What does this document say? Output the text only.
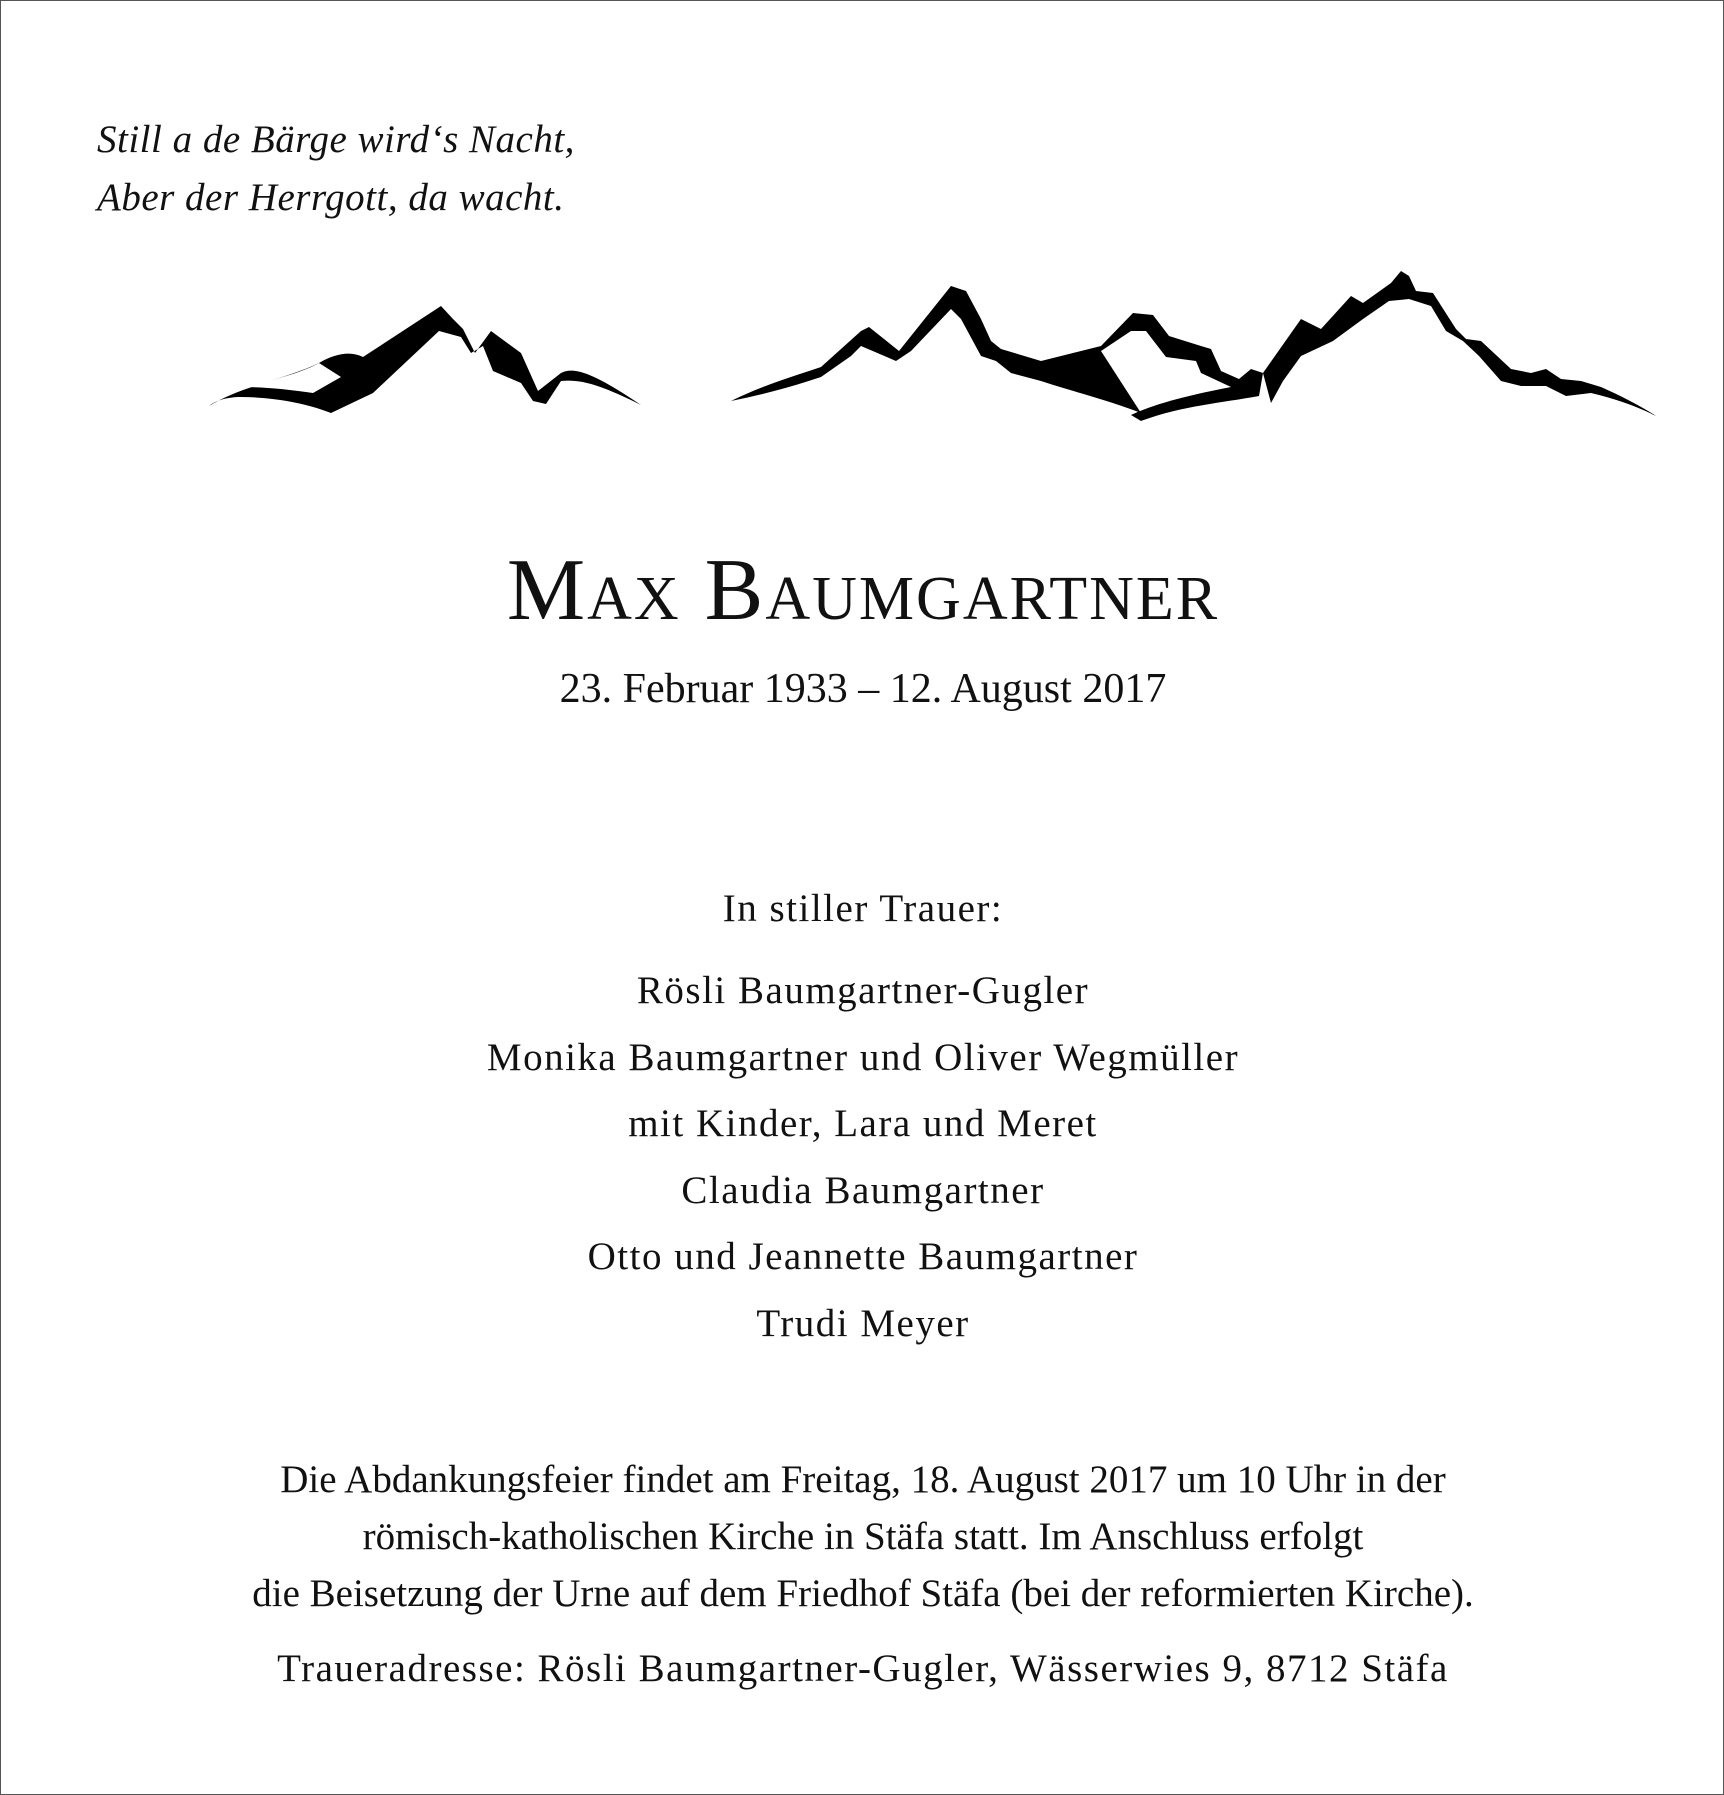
Still a de Bärge wird‘s Nacht,
Aber der Herrgott, da wacht.
Max Baumgartner
23. Februar 1933 – 12. August 2017
In stiller Trauer:
Rösli Baumgartner-Gugler
Monika Baumgartner und Oliver Wegmüller
mit Kinder, Lara und Meret
Claudia Baumgartner
Otto und Jeannette Baumgartner
Trudi Meyer
Die Abdankungsfeier findet am Freitag, 18. August 2017 um 10 Uhr in der
römisch-katholischen Kirche in Stäfa statt. Im Anschluss erfolgt
die Beisetzung der Urne auf dem Friedhof Stäfa (bei der reformierten Kirche).
Traueradresse: Rösli Baumgartner-Gugler, Wässerwies 9, 8712 Stäfa
